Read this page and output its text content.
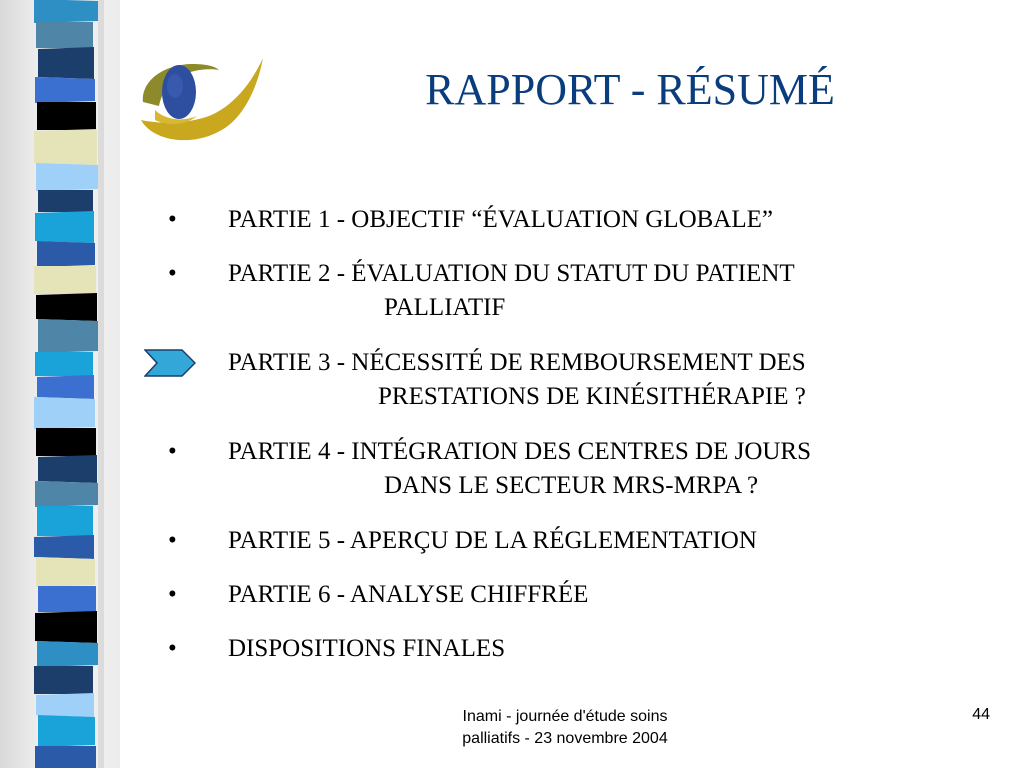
RAPPORT - RÉSUMÉ
•	PARTIE 1 - OBJECTIF “ÉVALUATION GLOBALE”
•	PARTIE 2 - ÉVALUATION DU STATUT DU PATIENT
PALLIATIF
PARTIE 3 - NÉCESSITÉ DE REMBOURSEMENT DES
PRESTATIONS DE KINÉSITHÉRAPIE ?
•	PARTIE 4 - INTÉGRATION DES CENTRES DE JOURS
DANS LE SECTEUR MRS-MRPA ?
•	PARTIE 5 - APERÇU DE LA RÉGLEMENTATION
•	PARTIE 6 - ANALYSE CHIFFRÉE
•	DISPOSITIONS FINALES
Inami - journée d'étude soins
palliatifs - 23 novembre 2004
44
